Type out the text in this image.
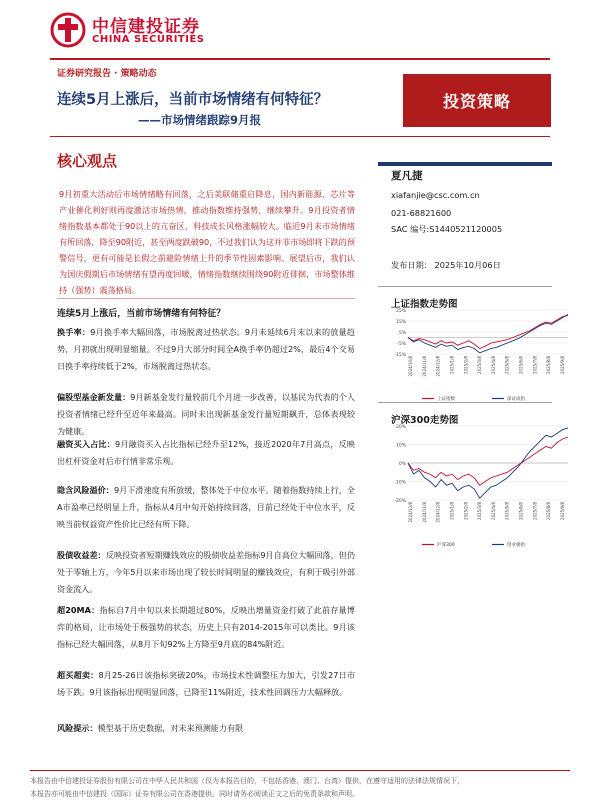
中信建投证券
CHINA SECURITIES
证券研究报告 · 策略动态
连续5月上涨后，当前市场情绪有何特征？
——市场情绪跟踪9月报
投资策略
核心观点
9月初重大活动后市场情绪略有回落，之后美联储重启降息，国内新能源、芯片等产业催化利好则再度激活市场热情，推动指数维持强势，继续攀升。9月投资者情绪指数基本都处于90以上的亢奋区，科技成长风格涨幅较大。临近9月末市场情绪有所回落，降至90附近，甚至两度跌破90，不过我们认为这并非市场即将下跌的预警信号，更有可能是长假之前避险情绪上升的季节性因素影响。展望后市，我们认为国庆假期后市场情绪有望再度回暖，情绪指数继续围绕90附近徘徊，市场整体维持（强势）震荡格局。
连续5月上涨后，当前市场情绪有何特征？
换手率：9月换手率大幅回落，市场脱离过热状态。9月未延续6月末以来的放量趋势，月初就出现明显缩量。不过9月大部分时间全A换手率仍超过2%，最后4个交易日换手率持续低于2%，市场脱离过热状态。
偏股型基金新发量：9月新基金发行量较前几个月进一步改善，以基民为代表的个人投资者情绪已经升至近年来最高。同时未出现新基金发行量短期飙升，总体表现较为健康。
融资买入占比：9月融资买入占比指标已经升至12%，接近2020年7月高点，反映出杠杆资金对后市行情非常乐观。
隐含风险溢价：9月下滑速度有所放缓，整体处于中位水平。随着指数持续上行，全A市盈率已经明显上升，指标从4月中旬开始持续回落，目前已经处于中位水平，反映当前权益资产性价比已经有所下降。
股债收益差：反映投资者短期赚钱效应的股债收益差指标9月自高位大幅回落，但仍处于零轴上方，今年5月以来市场出现了较长时间明显的赚钱效应，有利于吸引外部资金流入。
超20MA：指标自7月中旬以来长期超过80%，反映出增量资金打破了此前存量博弈的格局，让市场处于极强势的状态，历史上只有2014-2015年可以类比。9月该指标已经大幅回落，从8月下旬92%上方降至9月底的84%附近。
超买超卖：8月25-26日该指标突破20%，市场技术性调整压力加大，引发27日市场下跌。9月该指标出现明显回落，已降至11%附近，技术性回调压力大幅释放。
风险提示：模型基于历史数据，对未来预测能力有限
夏凡捷
xiafanjie@csc.com.cn
021-68821600
SAC 编号:S1440521120005
发布日期： 2025年10月06日
上证指数走势图
25%
15%
5%
-5%
-15%
2024/10/8 2024/11/8 2024/12/8 2025/1/8 2025/2/8 2025/3/8 2025/4/8 2025/5/8 2025/6/8 2025/7/8 2025/8/8 2025/9/8
上证指数	深证成指
沪深300走势图
20%
10%
0%
-10%
-20%
2024/10/8 2024/11/8 2024/12/8 2025/1/8 2025/2/8 2025/3/8 2025/4/8 2025/5/8 2025/6/8 2025/7/8 2025/8/8 2025/9/8
沪深300	创业板指
本报告由中信建投证券股份有限公司在中华人民共和国（仅为本报告目的，不包括香港、澳门、台湾）提供，在遵守适用的法律法规情况下，
本报告亦可能由中信建投（国际）证券有限公司在香港提供。同时请务必阅读正文之后的免责条款和声明。
